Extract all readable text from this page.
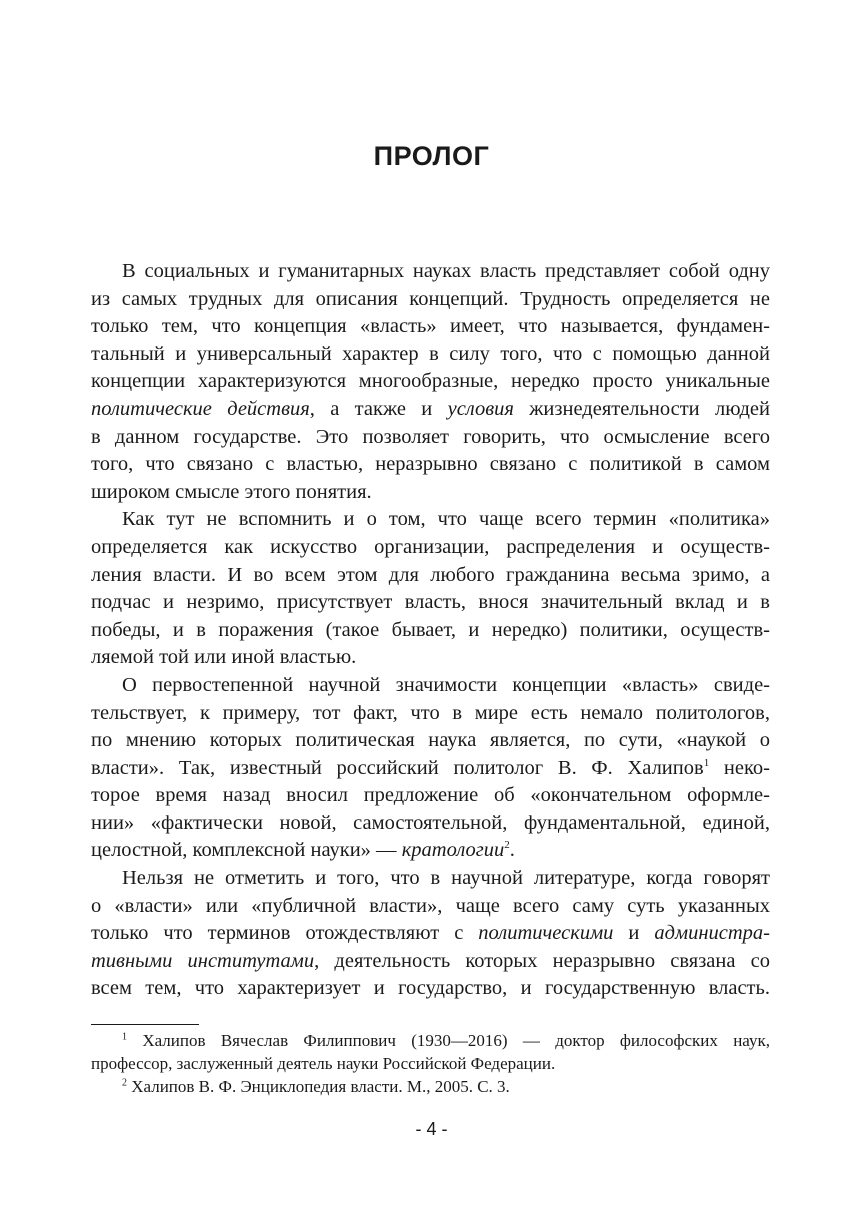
ПРОЛОГ

В социальных и гуманитарных науках власть представляет собой одну
из самых трудных для описания концепций. Трудность определяется не
только тем, что концепция «власть» имеет, что называется, фундамен-
тальный и универсальный характер в силу того, что с помощью данной
концепции характеризуются многообразные, нередко просто уникальные
политические действия, а также и условия жизнедеятельности людей
в данном государстве. Это позволяет говорить, что осмысление всего
того, что связано с властью, неразрывно связано с политикой в самом
широком смысле этого понятия.

Как тут не вспомнить и о том, что чаще всего термин «политика»
определяется как искусство организации, распределения и осуществ-
ления власти. И во всем этом для любого гражданина весьма зримо, а
подчас и незримо, присутствует власть, внося значительный вклад и в
победы, и в поражения (такое бывает, и нередко) политики, осуществ-
ляемой той или иной властью.

О первостепенной научной значимости концепции «власть» свиде-
тельствует, к примеру, тот факт, что в мире есть немало политологов,
по мнению которых политическая наука является, по сути, «наукой о
власти». Так, известный российский политолог В. Ф. Халипов$^1$ неко-
торое время назад вносил предложение об «окончательном оформле-
нии» «фактически новой, самостоятельной, фундаментальной, единой,
целостной, комплексной науки» — кратологии$^2$.

Нельзя не отметить и того, что в научной литературе, когда говорят
о «власти» или «публичной власти», чаще всего саму суть указанных
только что терминов отождествляют с политическими и администра-
тивными институтами, деятельность которых неразрывно связана со
всем тем, что характеризует и государство, и государственную власть.

$^1$ Халипов Вячеслав Филиппович (1930—2016) — доктор философских наук,
профессор, заслуженный деятель науки Российской Федерации.
$^2$ Халипов В. Ф. Энциклопедия власти. М., 2005. С. 3.
- 4 -
